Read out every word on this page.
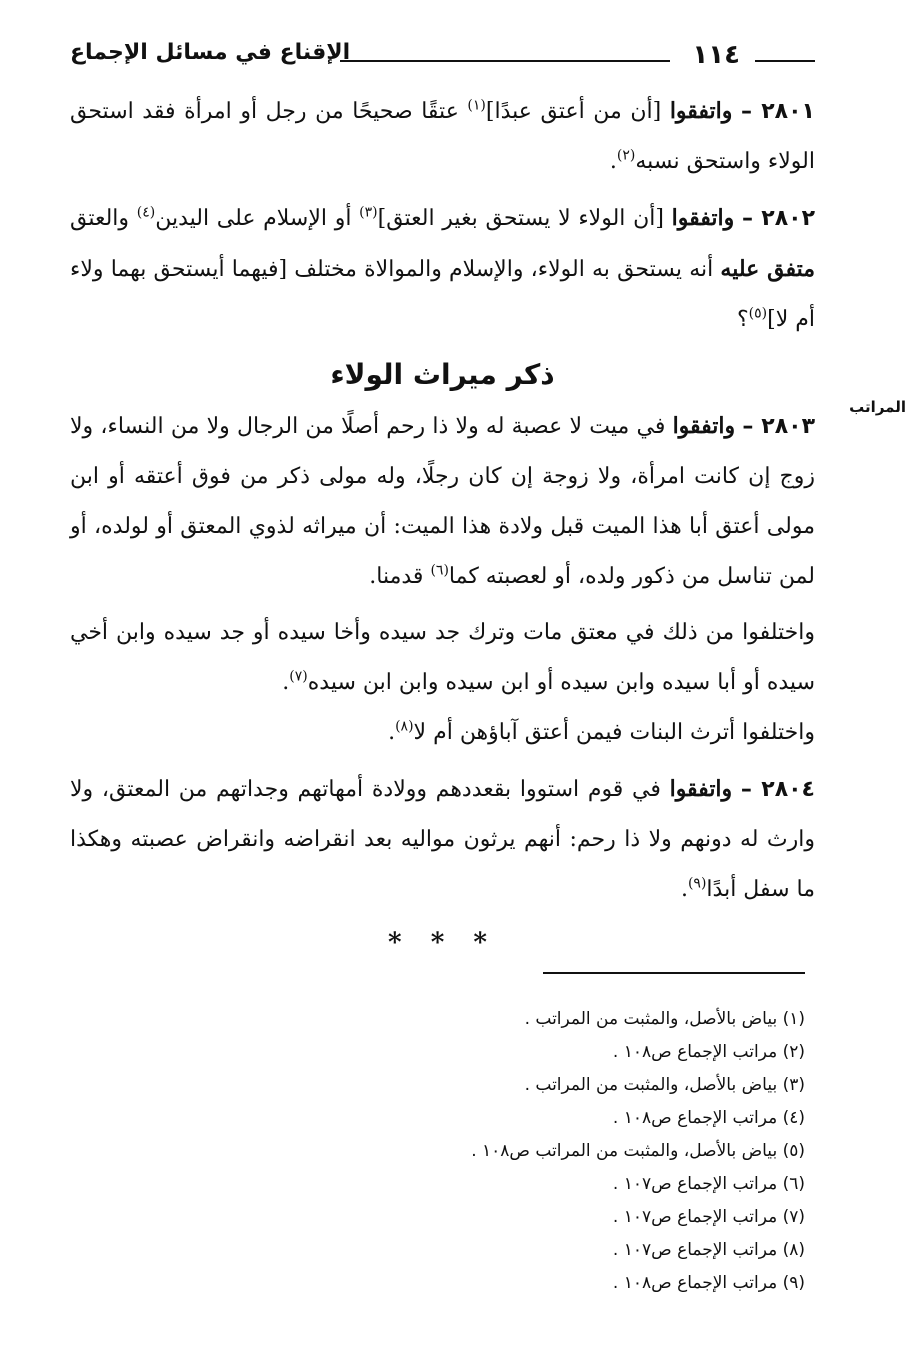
١١٤
الإقناع في مسائل الإجماع
المراتب

٢٨٠١ – واتفقوا [أن من أعتق عبدًا]$^{(١)}$ عتقًا صحيحًا من رجل أو امرأة فقد استحق الولاء واستحق نسبه$^{(٢)}$.

٢٨٠٢ – واتفقوا [أن الولاء لا يستحق بغير العتق]$^{(٣)}$ أو الإسلام على اليدين$^{(٤)}$ والعتق متفق عليه أنه يستحق به الولاء، والإسلام والموالاة مختلف [فيهما أيستحق بهما ولاء أم لا]$^{(٥)}$؟

ذكر ميراث الولاء

٢٨٠٣ – واتفقوا في ميت لا عصبة له ولا ذا رحم أصلًا من الرجال ولا من النساء، ولا زوج إن كانت امرأة، ولا زوجة إن كان رجلًا، وله مولى ذكر من فوق أعتقه أو ابن مولى أعتق أبا هذا الميت قبل ولادة هذا الميت: أن ميراثه لذوي المعتق أو لولده، أو لمن تناسل من ذكور ولده، أو لعصبته كما$^{(٦)}$ قدمنا.

واختلفوا من ذلك في معتق مات وترك جد سيده وأخا سيده أو جد سيده وابن أخي سيده أو أبا سيده وابن سيده أو ابن سيده وابن ابن سيده$^{(٧)}$.

واختلفوا أترث البنات فيمن أعتق آباؤهن أم لا$^{(٨)}$.

٢٨٠٤ – واتفقوا في قوم استووا بقعددهم وولادة أمهاتهم وجداتهم من المعتق، ولا وارث له دونهم ولا ذا رحم: أنهم يرثون مواليه بعد انقراضه وانقراض عصبته وهكذا ما سفل أبدًا$^{(٩)}$.

* * *

(١) بياض بالأصل، والمثبت من المراتب .

(٢) مراتب الإجماع ص١٠٨ .

(٣) بياض بالأصل، والمثبت من المراتب .

(٤) مراتب الإجماع ص١٠٨ .

(٥) بياض بالأصل، والمثبت من المراتب ص١٠٨ .

(٦) مراتب الإجماع ص١٠٧ .

(٧) مراتب الإجماع ص١٠٧ .

(٨) مراتب الإجماع ص١٠٧ .

(٩) مراتب الإجماع ص١٠٨ .
